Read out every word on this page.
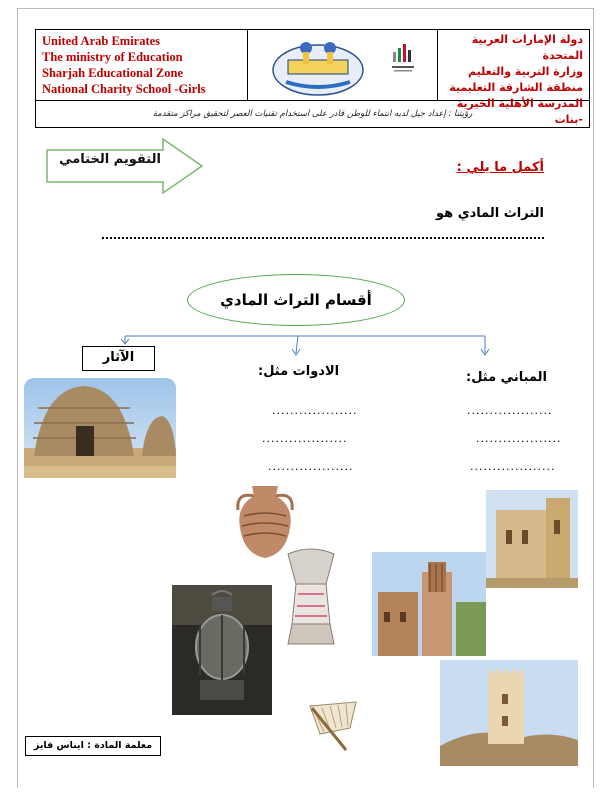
United Arab Emirates
The ministry of Education
Sharjah Educational Zone
National Charity School -Girls
دولة الإمارات العربية المتحدة
وزارة التربية والتعليم
منطقة الشارقة التعليمية
المدرسة الأهلية الخيرية -بنات
رؤيتنا : إعداد جيل لديه انتماء للوطن قادر على استخدام تقنيات العصر لتحقيق مراكز متقدمة
التقويم الختامي
أكمل ما يلي :
التراث المادي هو
أقسام التراث المادي
الآثار
الادوات مثل:	المباني مثل:
...................
...................
...................
...................
...................
...................
معلمة المادة : ايناس فايز
